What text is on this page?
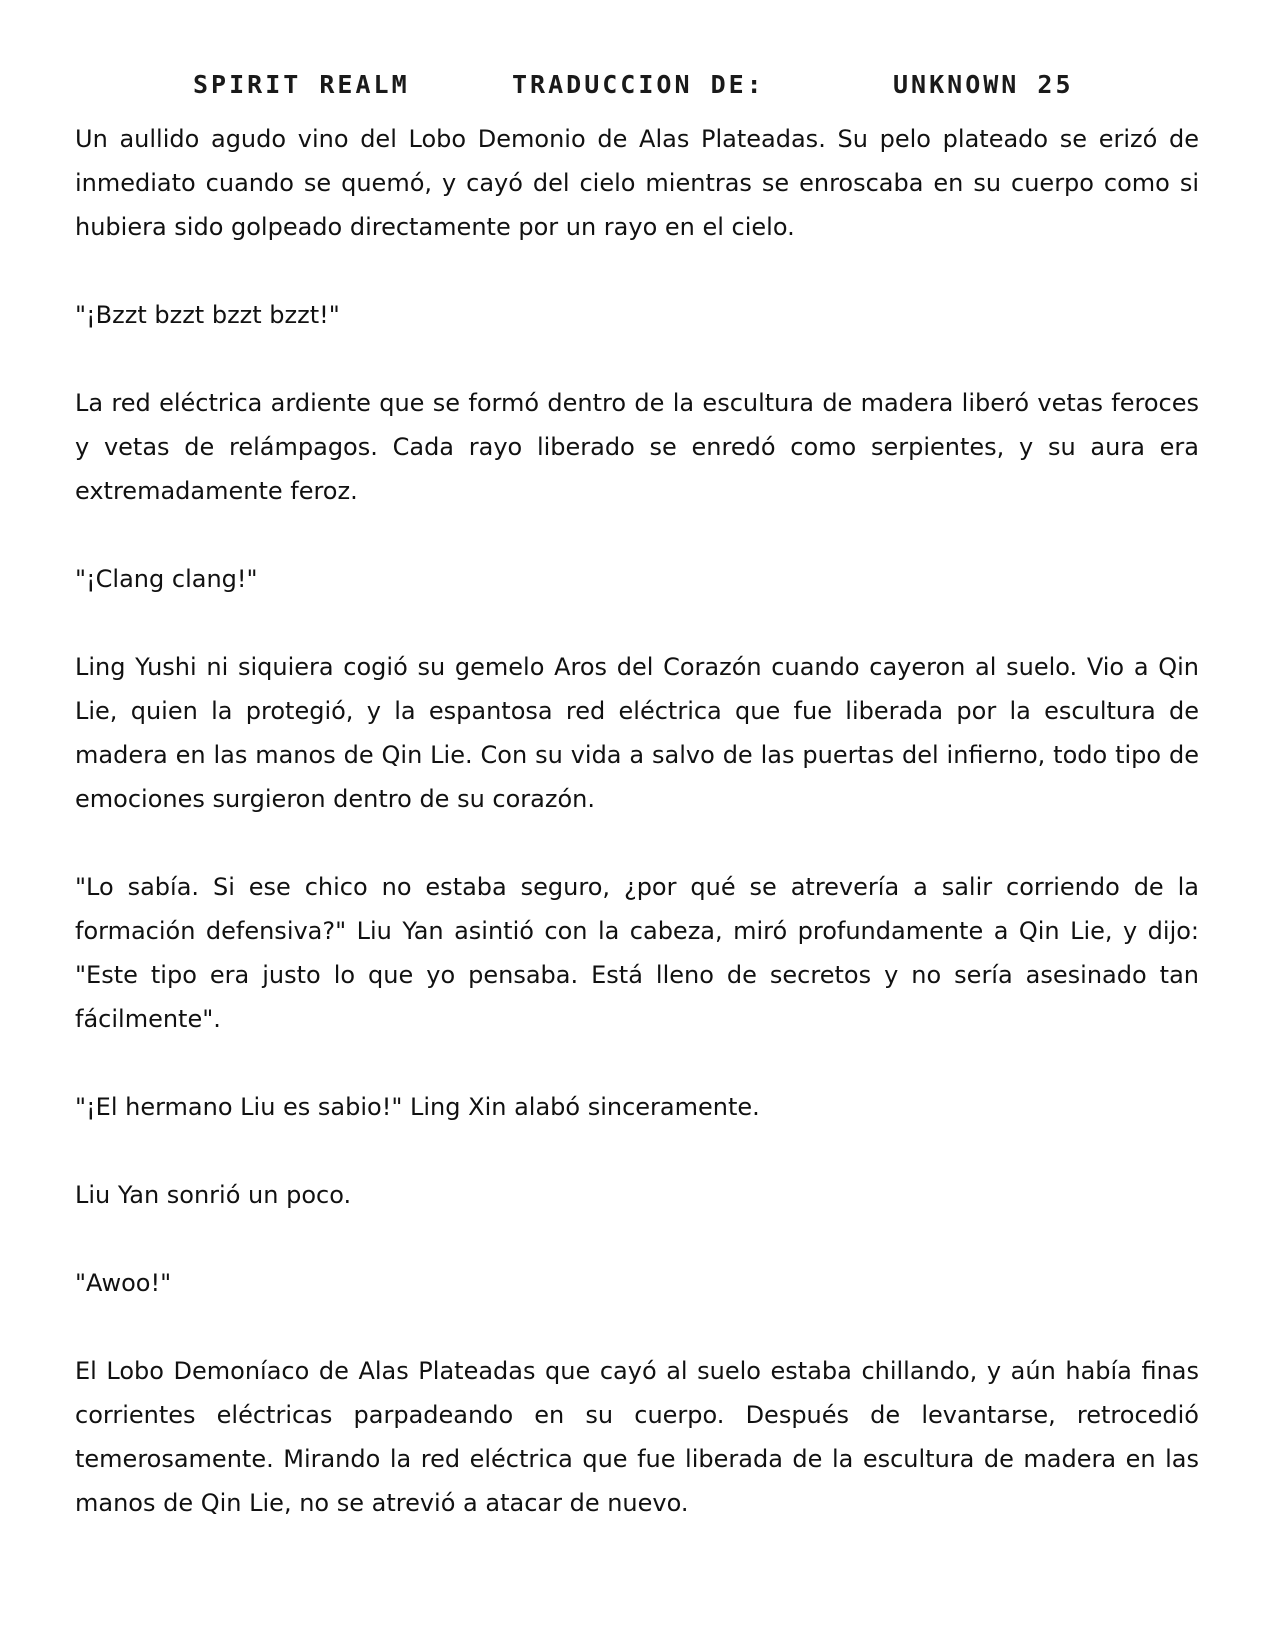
SPIRIT REALM	TRADUCCION DE:	UNKNOWN 25

Un aullido agudo vino del Lobo Demonio de Alas Plateadas. Su pelo plateado se erizó de inmediato cuando se quemó, y cayó del cielo mientras se enroscaba en su cuerpo como si hubiera sido golpeado directamente por un rayo en el cielo.

"¡Bzzt bzzt bzzt bzzt!"

La red eléctrica ardiente que se formó dentro de la escultura de madera liberó vetas feroces y vetas de relámpagos. Cada rayo liberado se enredó como serpientes, y su aura era extremadamente feroz.

"¡Clang clang!"

Ling Yushi ni siquiera cogió su gemelo Aros del Corazón cuando cayeron al suelo. Vio a Qin Lie, quien la protegió, y la espantosa red eléctrica que fue liberada por la escultura de madera en las manos de Qin Lie. Con su vida a salvo de las puertas del infierno, todo tipo de emociones surgieron dentro de su corazón.

"Lo sabía. Si ese chico no estaba seguro, ¿por qué se atrevería a salir corriendo de la formación defensiva?" Liu Yan asintió con la cabeza, miró profundamente a Qin Lie, y dijo: "Este tipo era justo lo que yo pensaba. Está lleno de secretos y no sería asesinado tan fácilmente".

"¡El hermano Liu es sabio!" Ling Xin alabó sinceramente.

Liu Yan sonrió un poco.

"Awoo!"

El Lobo Demoníaco de Alas Plateadas que cayó al suelo estaba chillando, y aún había finas corrientes eléctricas parpadeando en su cuerpo. Después de levantarse, retrocedió temerosamente. Mirando la red eléctrica que fue liberada de la escultura de madera en las manos de Qin Lie, no se atrevió a atacar de nuevo.
